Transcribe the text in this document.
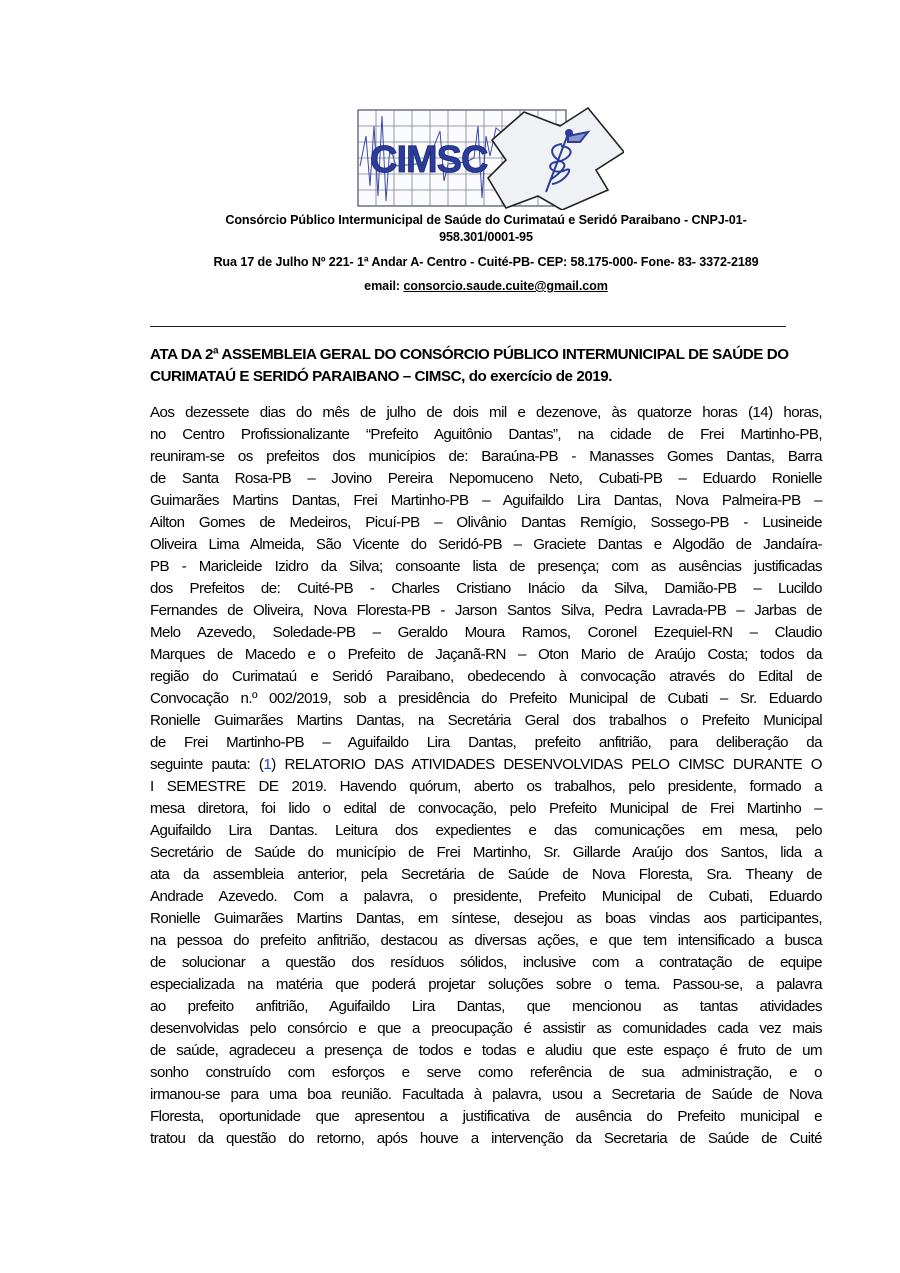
CIMSC
Consórcio Público Intermunicipal de Saúde do Curimataú e Seridó Paraibano - CNPJ-01-
958.301/0001-95
Rua 17 de Julho Nº 221- 1ª Andar A- Centro - Cuité-PB- CEP: 58.175-000- Fone- 83- 3372-2189
email: consorcio.saude.cuite@gmail.com
ATA DA 2ª ASSEMBLEIA GERAL DO CONSÓRCIO PÚBLICO INTERMUNICIPAL DE SAÚDE DO
CURIMATAÚ E SERIDÓ PARAIBANO – CIMSC, do exercício de 2019.
Aos dezessete dias do mês de julho de dois mil e dezenove, às quatorze horas (14) horas,
no Centro Profissionalizante “Prefeito Aguitônio Dantas”, na cidade de Frei Martinho-PB,
reuniram-se os prefeitos dos municípios de: Baraúna-PB - Manasses Gomes Dantas, Barra
de Santa Rosa-PB – Jovino Pereira Nepomuceno Neto, Cubati-PB – Eduardo Ronielle
Guimarães Martins Dantas, Frei Martinho-PB – Aguifaildo Lira Dantas, Nova Palmeira-PB –
Ailton Gomes de Medeiros, Picuí-PB – Olivânio Dantas Remígio, Sossego-PB - Lusineide
Oliveira Lima Almeida, São Vicente do Seridó-PB – Graciete Dantas e Algodão de Jandaíra-
PB - Maricleide Izidro da Silva; consoante lista de presença; com as ausências justificadas
dos Prefeitos de: Cuité-PB - Charles Cristiano Inácio da Silva, Damião-PB – Lucildo
Fernandes de Oliveira, Nova Floresta-PB - Jarson Santos Silva, Pedra Lavrada-PB – Jarbas de
Melo Azevedo, Soledade-PB – Geraldo Moura Ramos, Coronel Ezequiel-RN – Claudio
Marques de Macedo e o Prefeito de Jaçanã-RN – Oton Mario de Araújo Costa; todos da
região do Curimataú e Seridó Paraibano, obedecendo à convocação através do Edital de
Convocação n.º 002/2019, sob a presidência do Prefeito Municipal de Cubati – Sr. Eduardo
Ronielle Guimarães Martins Dantas, na Secretária Geral dos trabalhos o Prefeito Municipal
de Frei Martinho-PB – Aguifaildo Lira Dantas, prefeito anfitrião, para deliberação da
seguinte pauta: (1) RELATORIO DAS ATIVIDADES DESENVOLVIDAS PELO CIMSC DURANTE O
I SEMESTRE DE 2019. Havendo quórum, aberto os trabalhos, pelo presidente, formado a
mesa diretora, foi lido o edital de convocação, pelo Prefeito Municipal de Frei Martinho –
Aguifaildo Lira Dantas. Leitura dos expedientes e das comunicações em mesa, pelo
Secretário de Saúde do município de Frei Martinho, Sr. Gillarde Araújo dos Santos, lida a
ata da assembleia anterior, pela Secretária de Saúde de Nova Floresta, Sra. Theany de
Andrade Azevedo. Com a palavra, o presidente, Prefeito Municipal de Cubati, Eduardo
Ronielle Guimarães Martins Dantas, em síntese, desejou as boas vindas aos participantes,
na pessoa do prefeito anfitrião, destacou as diversas ações, e que tem intensificado a busca
de solucionar a questão dos resíduos sólidos, inclusive com a contratação de equipe
especializada na matéria que poderá projetar soluções sobre o tema. Passou-se, a palavra
ao prefeito anfitrião, Aguifaildo Lira Dantas, que mencionou as tantas atividades
desenvolvidas pelo consórcio e que a preocupação é assistir as comunidades cada vez mais
de saúde, agradeceu a presença de todos e todas e aludiu que este espaço é fruto de um
sonho construído com esforços e serve como referência de sua administração, e o
irmanou-se para uma boa reunião. Facultada à palavra, usou a Secretaria de Saúde de Nova
Floresta, oportunidade que apresentou a justificativa de ausência do Prefeito municipal e
tratou da questão do retorno, após houve a intervenção da Secretaria de Saúde de Cuité
